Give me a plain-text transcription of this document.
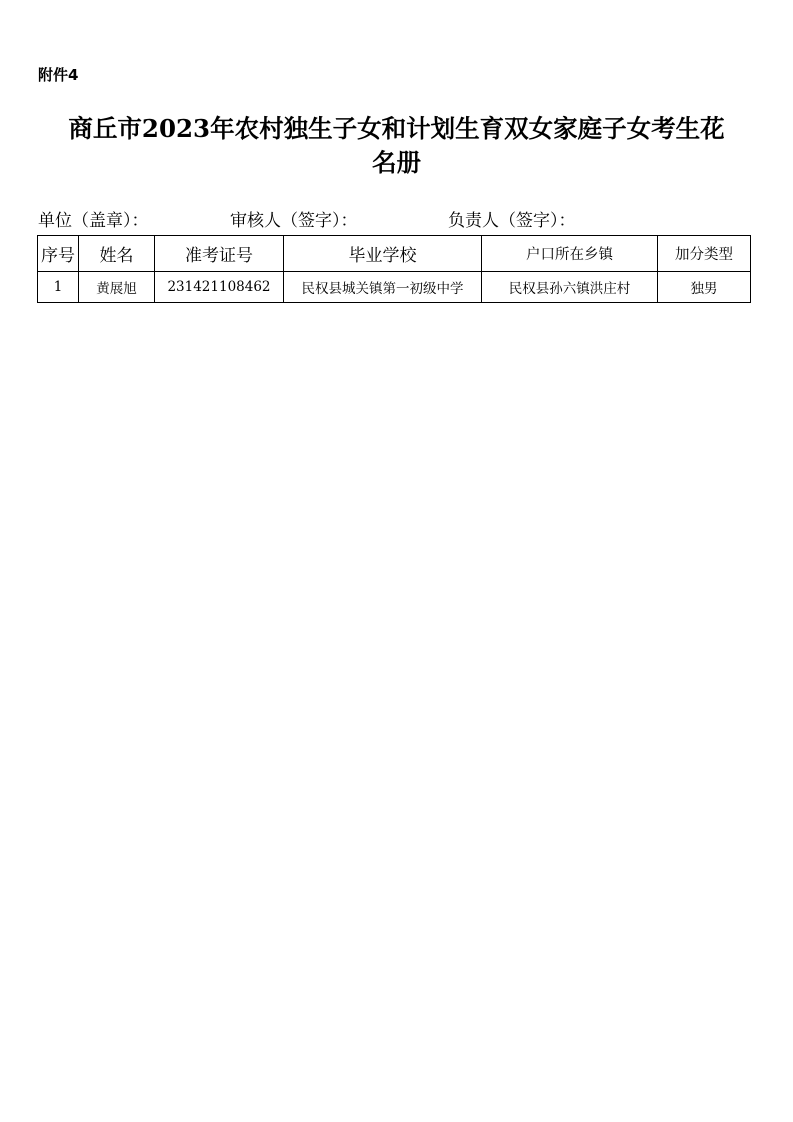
附件4
商丘市2023年农村独生子女和计划生育双女家庭子女考生花
名册
单位（盖章）：	审核人（签字）：	负责人（签字）：
序号	姓名	准考证号	毕业学校	户口所在乡镇	加分类型
1	黄展旭	231421108462	民权县城关镇第一初级中学	民权县孙六镇洪庄村	独男
